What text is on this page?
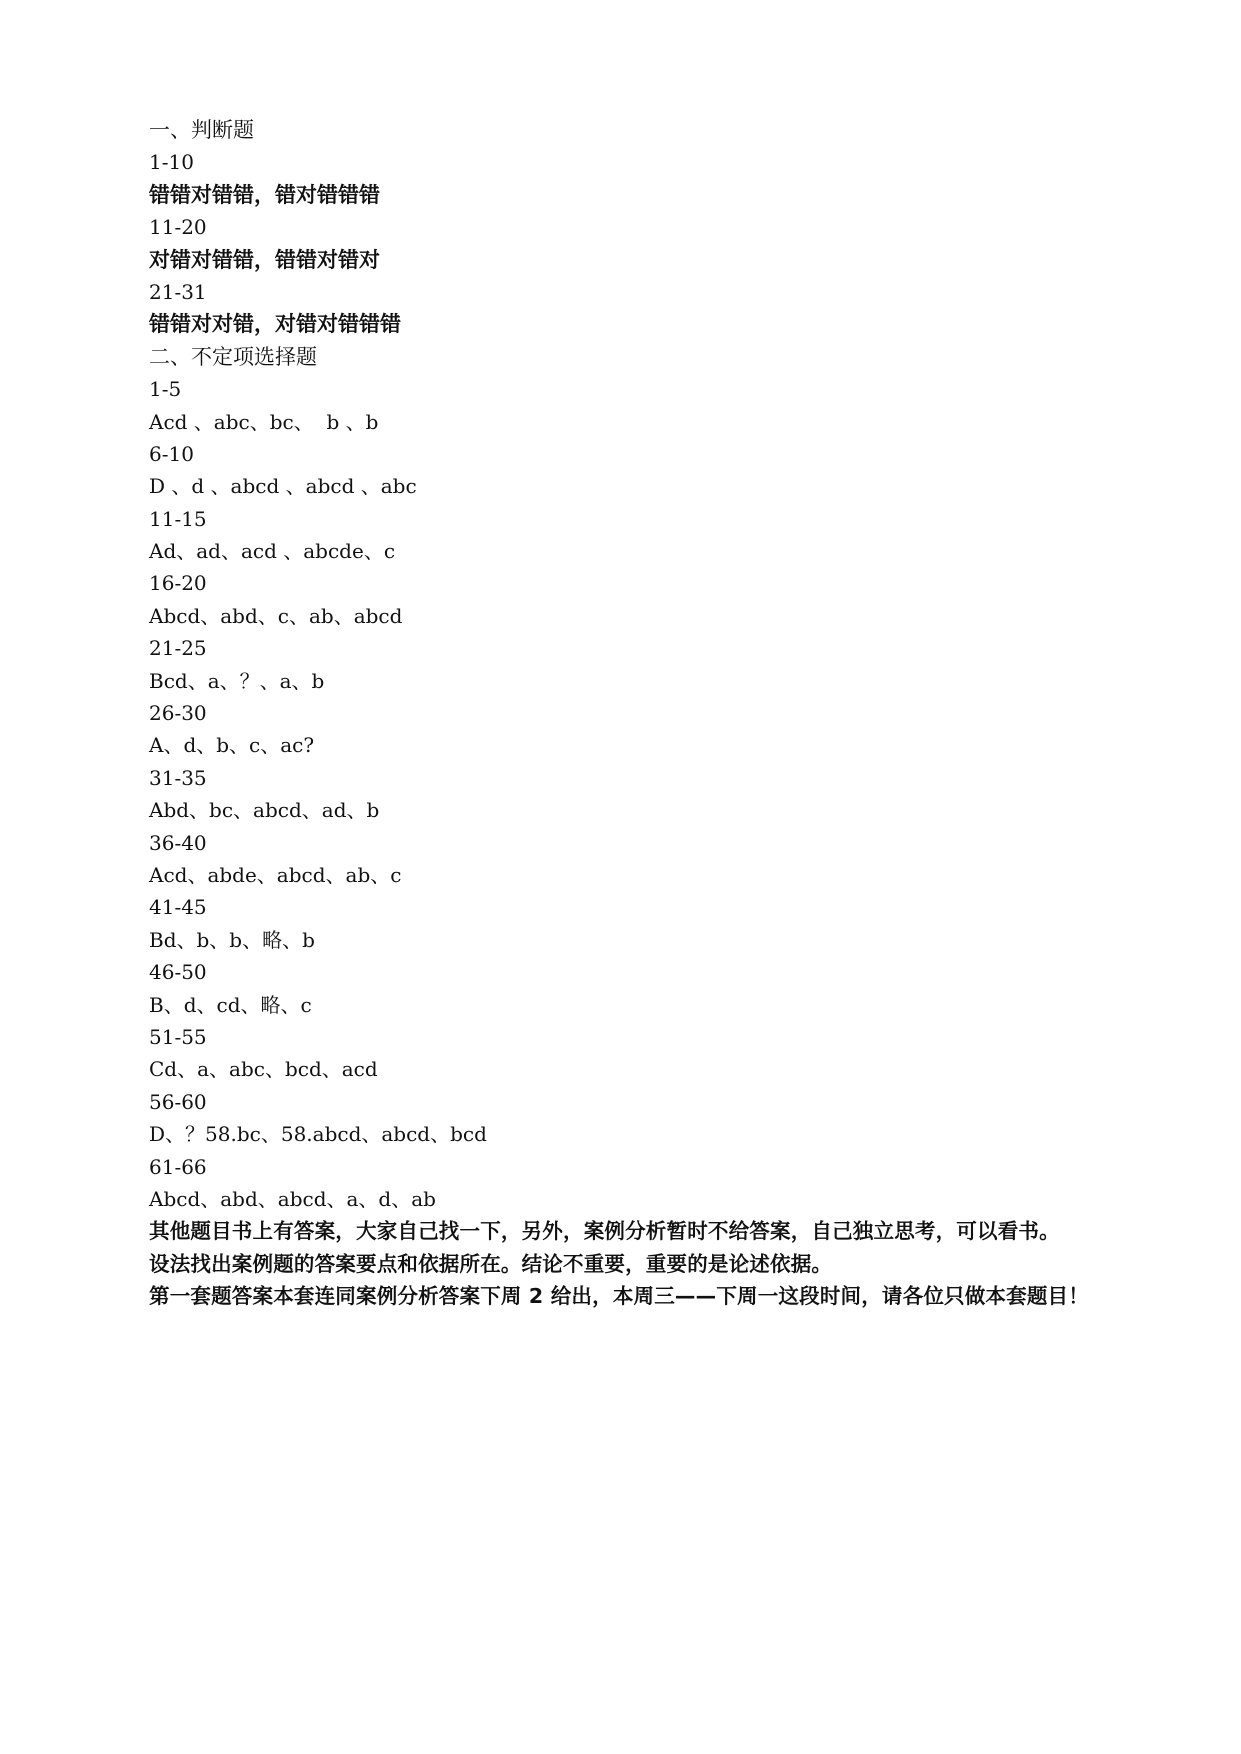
一、判断题
1-10
错错对错错，错对错错错
11-20
对错对错错，错错对错对
21-31
错错对对错，对错对错错错
二、不定项选择题
1-5
Acd 、abc、bc、  b 、b
6-10
D 、d 、abcd 、abcd 、abc
11-15
Ad、ad、acd 、abcde、c
16-20
Abcd、abd、c、ab、abcd
21-25
Bcd、a、？、a、b
26-30
A、d、b、c、ac?
31-35
Abd、bc、abcd、ad、b
36-40
Acd、abde、abcd、ab、c
41-45
Bd、b、b、略、b
46-50
B、d、cd、略、c
51-55
Cd、a、abc、bcd、acd
56-60
D、？58.bc、58.abcd、abcd、bcd
61-66
Abcd、abd、abcd、a、d、ab
其他题目书上有答案，大家自己找一下，另外，案例分析暂时不给答案，自己独立思考，可以看书。
设法找出案例题的答案要点和依据所在。结论不重要，重要的是论述依据。
第一套题答案本套连同案例分析答案下周 2 给出，本周三——下周一这段时间，请各位只做本套题目！
